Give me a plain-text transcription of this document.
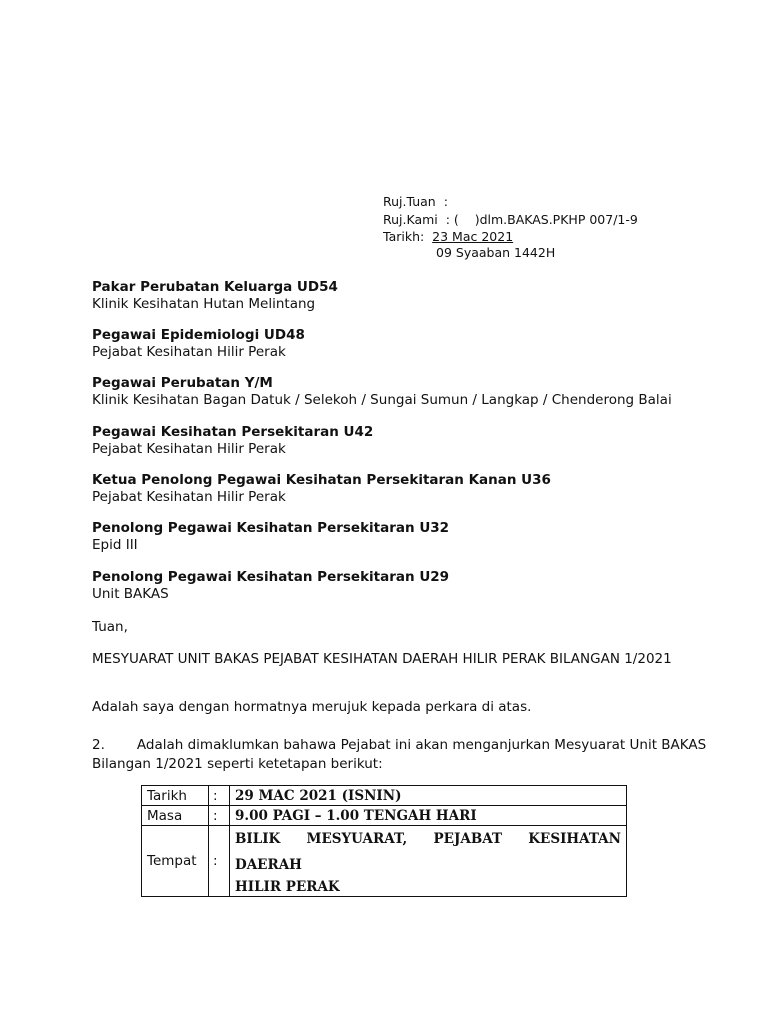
Ruj.Tuan :
Ruj.Kami : (    )dlm.BAKAS.PKHP 007/1-9
Tarikh: 23 Mac 2021
09 Syaaban 1442H
Pakar Perubatan Keluarga UD54
Klinik Kesihatan Hutan Melintang
Pegawai Epidemiologi UD48
Pejabat Kesihatan Hilir Perak
Pegawai Perubatan Y/M
Klinik Kesihatan Bagan Datuk / Selekoh / Sungai Sumun / Langkap / Chenderong Balai
Pegawai Kesihatan Persekitaran U42
Pejabat Kesihatan Hilir Perak
Ketua Penolong Pegawai Kesihatan Persekitaran Kanan U36
Pejabat Kesihatan Hilir Perak
Penolong Pegawai Kesihatan Persekitaran U32
Epid III
Penolong Pegawai Kesihatan Persekitaran U29
Unit BAKAS
Tuan,
MESYUARAT UNIT BAKAS PEJABAT KESIHATAN DAERAH HILIR PERAK BILANGAN 1/2021
Adalah saya dengan hormatnya merujuk kepada perkara di atas.
2. Adalah dimaklumkan bahawa Pejabat ini akan menganjurkan Mesyuarat Unit BAKAS
Bilangan 1/2021 seperti ketetapan berikut:
Tarikh	:	29 MAC 2021 (ISNIN)
Masa	:	9.00 PAGI – 1.00 TENGAH HARI
Tempat	:	BILIK MESYUARAT, PEJABAT KESIHATAN DAERAH
HILIR PERAK
